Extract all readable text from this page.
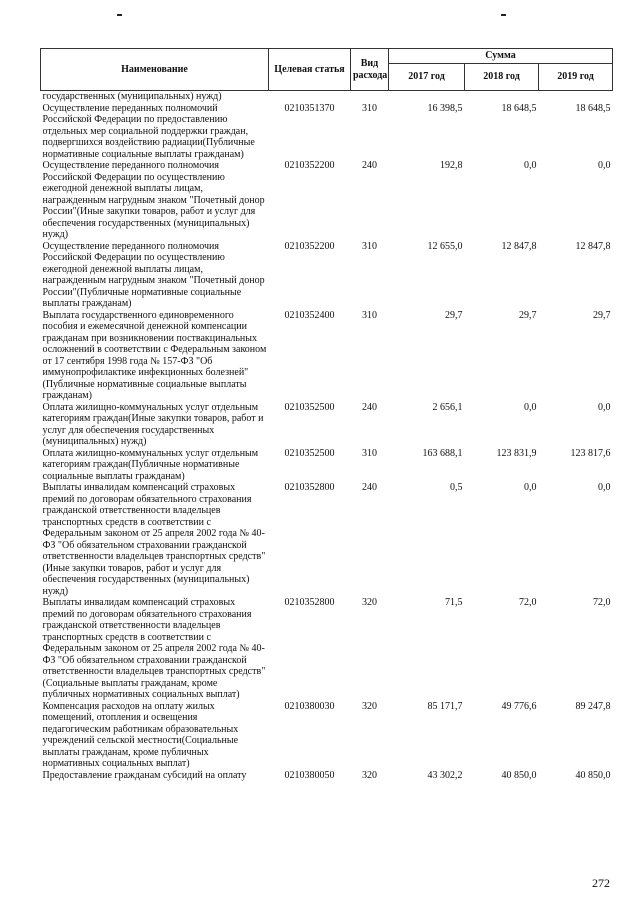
Наименование	Целевая статья	Вид расхода	Сумма		
			2017 год	2018 год	2019 год
государственных (муниципальных) нужд)					
Осуществление переданных полномочий Российской Федерации по предоставлению отдельных мер социальной поддержки граждан, подвергшихся воздействию радиации(Публичные нормативные социальные выплаты гражданам)	0210351370	310	16 398,5	18 648,5	18 648,5
Осуществление переданного полномочия Российской Федерации по осуществлению ежегодной денежной выплаты лицам, награжденным нагрудным знаком "Почетный донор России"(Иные закупки товаров, работ и услуг для обеспечения государственных (муниципальных) нужд)	0210352200	240	192,8	0,0	0,0
Осуществление переданного полномочия Российской Федерации по осуществлению ежегодной денежной выплаты лицам, награжденным нагрудным знаком "Почетный донор России"(Публичные нормативные социальные выплаты гражданам)	0210352200	310	12 655,0	12 847,8	12 847,8
Выплата государственного единовременного пособия и ежемесячной денежной компенсации гражданам при возникновении поствакцинальных осложнений в соответствии с Федеральным законом от 17 сентября 1998 года № 157-ФЗ "Об иммунопрофилактике инфекционных болезней"(Публичные нормативные социальные выплаты гражданам)	0210352400	310	29,7	29,7	29,7
Оплата жилищно-коммунальных услуг отдельным категориям граждан(Иные закупки товаров, работ и услуг для обеспечения государственных (муниципальных) нужд)	0210352500	240	2 656,1	0,0	0,0
Оплата жилищно-коммунальных услуг отдельным категориям граждан(Публичные нормативные социальные выплаты гражданам)	0210352500	310	163 688,1	123 831,9	123 817,6
Выплаты инвалидам компенсаций страховых премий по договорам обязательного страхования гражданской ответственности владельцев транспортных средств в соответствии с Федеральным законом от 25 апреля 2002 года № 40-ФЗ "Об обязательном страховании гражданской ответственности владельцев транспортных средств"(Иные закупки товаров, работ и услуг для обеспечения государственных (муниципальных) нужд)	0210352800	240	0,5	0,0	0,0
Выплаты инвалидам компенсаций страховых премий по договорам обязательного страхования гражданской ответственности владельцев транспортных средств в соответствии с Федеральным законом от 25 апреля 2002 года № 40-ФЗ "Об обязательном страховании гражданской ответственности владельцев транспортных средств"(Социальные выплаты гражданам, кроме публичных нормативных социальных выплат)	0210352800	320	71,5	72,0	72,0
Компенсация расходов на оплату жилых помещений, отопления и освещения педагогическим работникам образовательных учреждений сельской местности(Социальные выплаты гражданам, кроме публичных нормативных социальных выплат)	0210380030	320	85 171,7	49 776,6	89 247,8
Предоставление гражданам субсидий на оплату	0210380050	320	43 302,2	40 850,0	40 850,0
272
